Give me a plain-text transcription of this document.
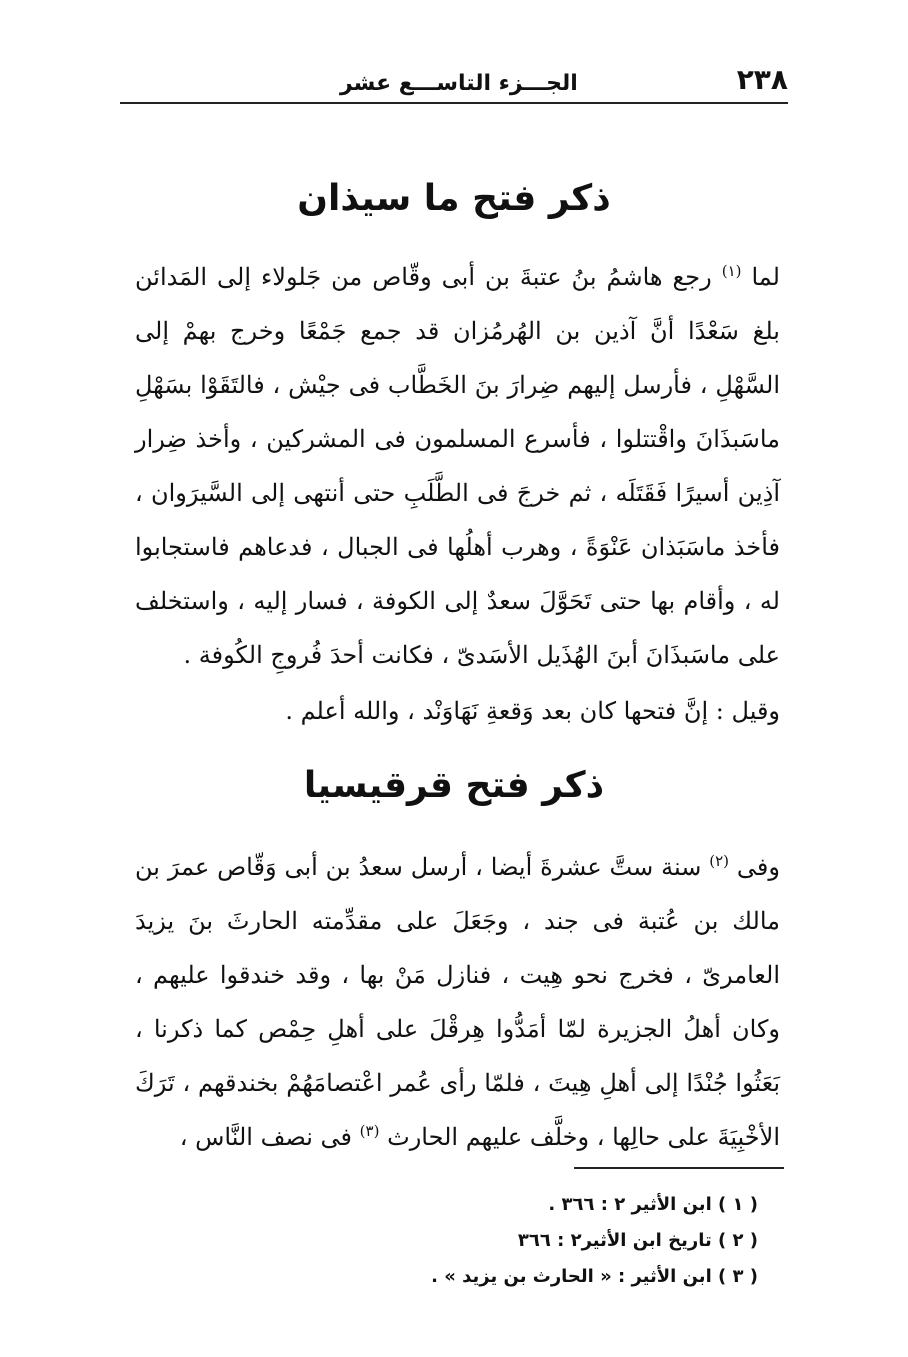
٢٣٨
الجـــزء التاســـع عشر
ذكر فتح ما سيذان
لما $^{(١)}$ رجع هاشمُ بنُ عتبةَ بن أبى وقّاص من جَلولاء إلى المَدائن بلغ سَعْدًا أنَّ آذين بن الهُرمُزان قد جمع جَمْعًا وخرج بهمْ إلى السَّهْلِ ، فأرسل إليهم ضِرارَ بنَ الخَطَّاب فى جيْش ، فالتَقَوْا بسَهْلِ ماسَبذَانَ واقْتتلوا ، فأسرع المسلمون فى المشركين ، وأخذ ضِرار آذِين أسيرًا فَقَتَلَه ، ثم خرجَ فى الطَّلَبِ حتى أنتهى إلى السَّيرَوان ، فأخذ ماسَبَذان عَنْوَةً ، وهرب أهلُها فى الجبال ، فدعاهم فاستجابوا له ، وأقام بها حتى تَحَوَّلَ سعدٌ إلى الكوفة ، فسار إليه ، واستخلف على ماسَبذَانَ أبنَ الهُذَيل الأسَدىّ ، فكانت أحدَ فُروجِ الكُوفة .
وقيل : إنَّ فتحها كان بعد وَقعةِ نَهَاوَنْد ، والله أعلم .
ذكر فتح قرقيسيا
وفى $^{(٢)}$ سنة ستَّ عشرةَ أيضا ، أرسل سعدُ بن أبى وَقّاص عمرَ بن مالك بن عُتبة فى جند ، وجَعَلَ على مقدِّمته الحارثَ بنَ يزيدَ العامرىّ ، فخرج نحو هِيت ، فنازل مَنْ بها ، وقد خندقوا عليهم ، وكان أهلُ الجزيرة لمّا أمَدُّوا هِرقْلَ على أهلِ حِمْص كما ذكرنا ، بَعَثُوا جُنْدًا إلى أهلِ هِيتَ ، فلمّا رأى عُمر اعْتصامَهُمْ بخندقهم ، تَرَكَ الأخْبِيَةَ على حالِها ، وخلَّف عليهم الحارث $^{(٣)}$ فى نصف النَّاس ،
( ١ ) ابن الأثير ٢ : ٣٦٦ .
( ٢ ) تاريخ ابن الأثير٢ : ٣٦٦
( ٣ ) ابن الأثير : « الحارث بن يزيد » .
